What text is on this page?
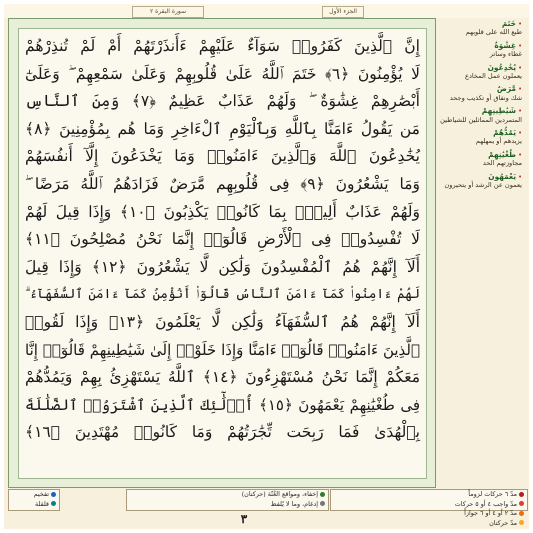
سورة البقرة ٢	الجزء الأول
إِنَّ ٱلَّذِينَ كَفَرُوا۟ سَوَآءٌ عَلَيْهِمْ ءَأَنذَرْتَهُمْ أَمْ لَمْ تُنذِرْهُمْ
لَا يُؤْمِنُونَ ﴿٦﴾ خَتَمَ ٱللَّهُ عَلَىٰ قُلُوبِهِمْ وَعَلَىٰ سَمْعِهِمْ ۖ وَعَلَىٰٓ
أَبْصَٰرِهِمْ غِشَٰوَةٌ ۖ وَلَهُمْ عَذَابٌ عَظِيمٌ ﴿٧﴾ وَمِنَ ٱلنَّاسِ
مَن يَقُولُ ءَامَنَّا بِٱللَّهِ وَبِٱلْيَوْمِ ٱلْءَاخِرِ وَمَا هُم بِمُؤْمِنِينَ ﴿٨﴾
يُخَٰدِعُونَ ٱللَّهَ وَٱلَّذِينَ ءَامَنُوا۟ وَمَا يَخْدَعُونَ إِلَّآ أَنفُسَهُمْ
وَمَا يَشْعُرُونَ ﴿٩﴾ فِى قُلُوبِهِم مَّرَضٌ فَزَادَهُمُ ٱللَّهُ مَرَضًا ۖ
وَلَهُمْ عَذَابٌ أَلِيمٌۢ بِمَا كَانُوا۟ يَكْذِبُونَ ﴿١٠﴾ وَإِذَا قِيلَ لَهُمْ
لَا تُفْسِدُوا۟ فِى ٱلْأَرْضِ قَالُوٓا۟ إِنَّمَا نَحْنُ مُصْلِحُونَ ﴿١١﴾
أَلَآ إِنَّهُمْ هُمُ ٱلْمُفْسِدُونَ وَلَٰكِن لَّا يَشْعُرُونَ ﴿١٢﴾ وَإِذَا قِيلَ
لَهُمْ ءَامِنُوا۟ كَمَآ ءَامَنَ ٱلنَّاسُ قَالُوٓا۟ أَنُؤْمِنُ كَمَآ ءَامَنَ ٱلسُّفَهَآءُ ۗ
أَلَآ إِنَّهُمْ هُمُ ٱلسُّفَهَآءُ وَلَٰكِن لَّا يَعْلَمُونَ ﴿١٣﴾ وَإِذَا لَقُوا۟
ٱلَّذِينَ ءَامَنُوا۟ قَالُوٓا۟ ءَامَنَّا وَإِذَا خَلَوْا۟ إِلَىٰ شَيَٰطِينِهِمْ قَالُوٓا۟ إِنَّا
مَعَكُمْ إِنَّمَا نَحْنُ مُسْتَهْزِءُونَ ﴿١٤﴾ ٱللَّهُ يَسْتَهْزِئُ بِهِمْ وَيَمُدُّهُمْ
فِى طُغْيَٰنِهِمْ يَعْمَهُونَ ﴿١٥﴾ أُو۟لَٰٓئِكَ ٱلَّذِينَ ٱشْتَرَوُا۟ ٱلضَّلَٰلَةَ
بِٱلْهُدَىٰ فَمَا رَبِحَت تِّجَٰرَتُهُمْ وَمَا كَانُوا۟ مُهْتَدِينَ ﴿١٦﴾
• خَتَمَ
طبع الله على قلوبهم
• غِشَٰوَةٌ
غطاء وساتر
• يُخَٰدِعُونَ
يعملون عمل المخادع
• مَّرَضٌ
شك ونفاق أو تكذيب وجحد
• شَيَٰطِينِهِمْ
المتمردين المماثلين للشياطين
• يَمُدُّهُمْ
يزيدهم أو يمهلهم
• طُغْيَٰنِهِمْ
مجاوزتهم الحد
• يَعْمَهُونَ
يعمون عن الرشد أو يتحيرون
مدّ ٦ حركات لزوماً
مدّ واجب ٤ أو ٥ حركات
مدّ ٢ أو ٤ أو ٦ جوازاً
مدّ حركتان
إخفاء، ومواقع الغُنّة (حركتان)
إدغام، وما لا يُلفظ
تفخيم
قلقلة
٣
